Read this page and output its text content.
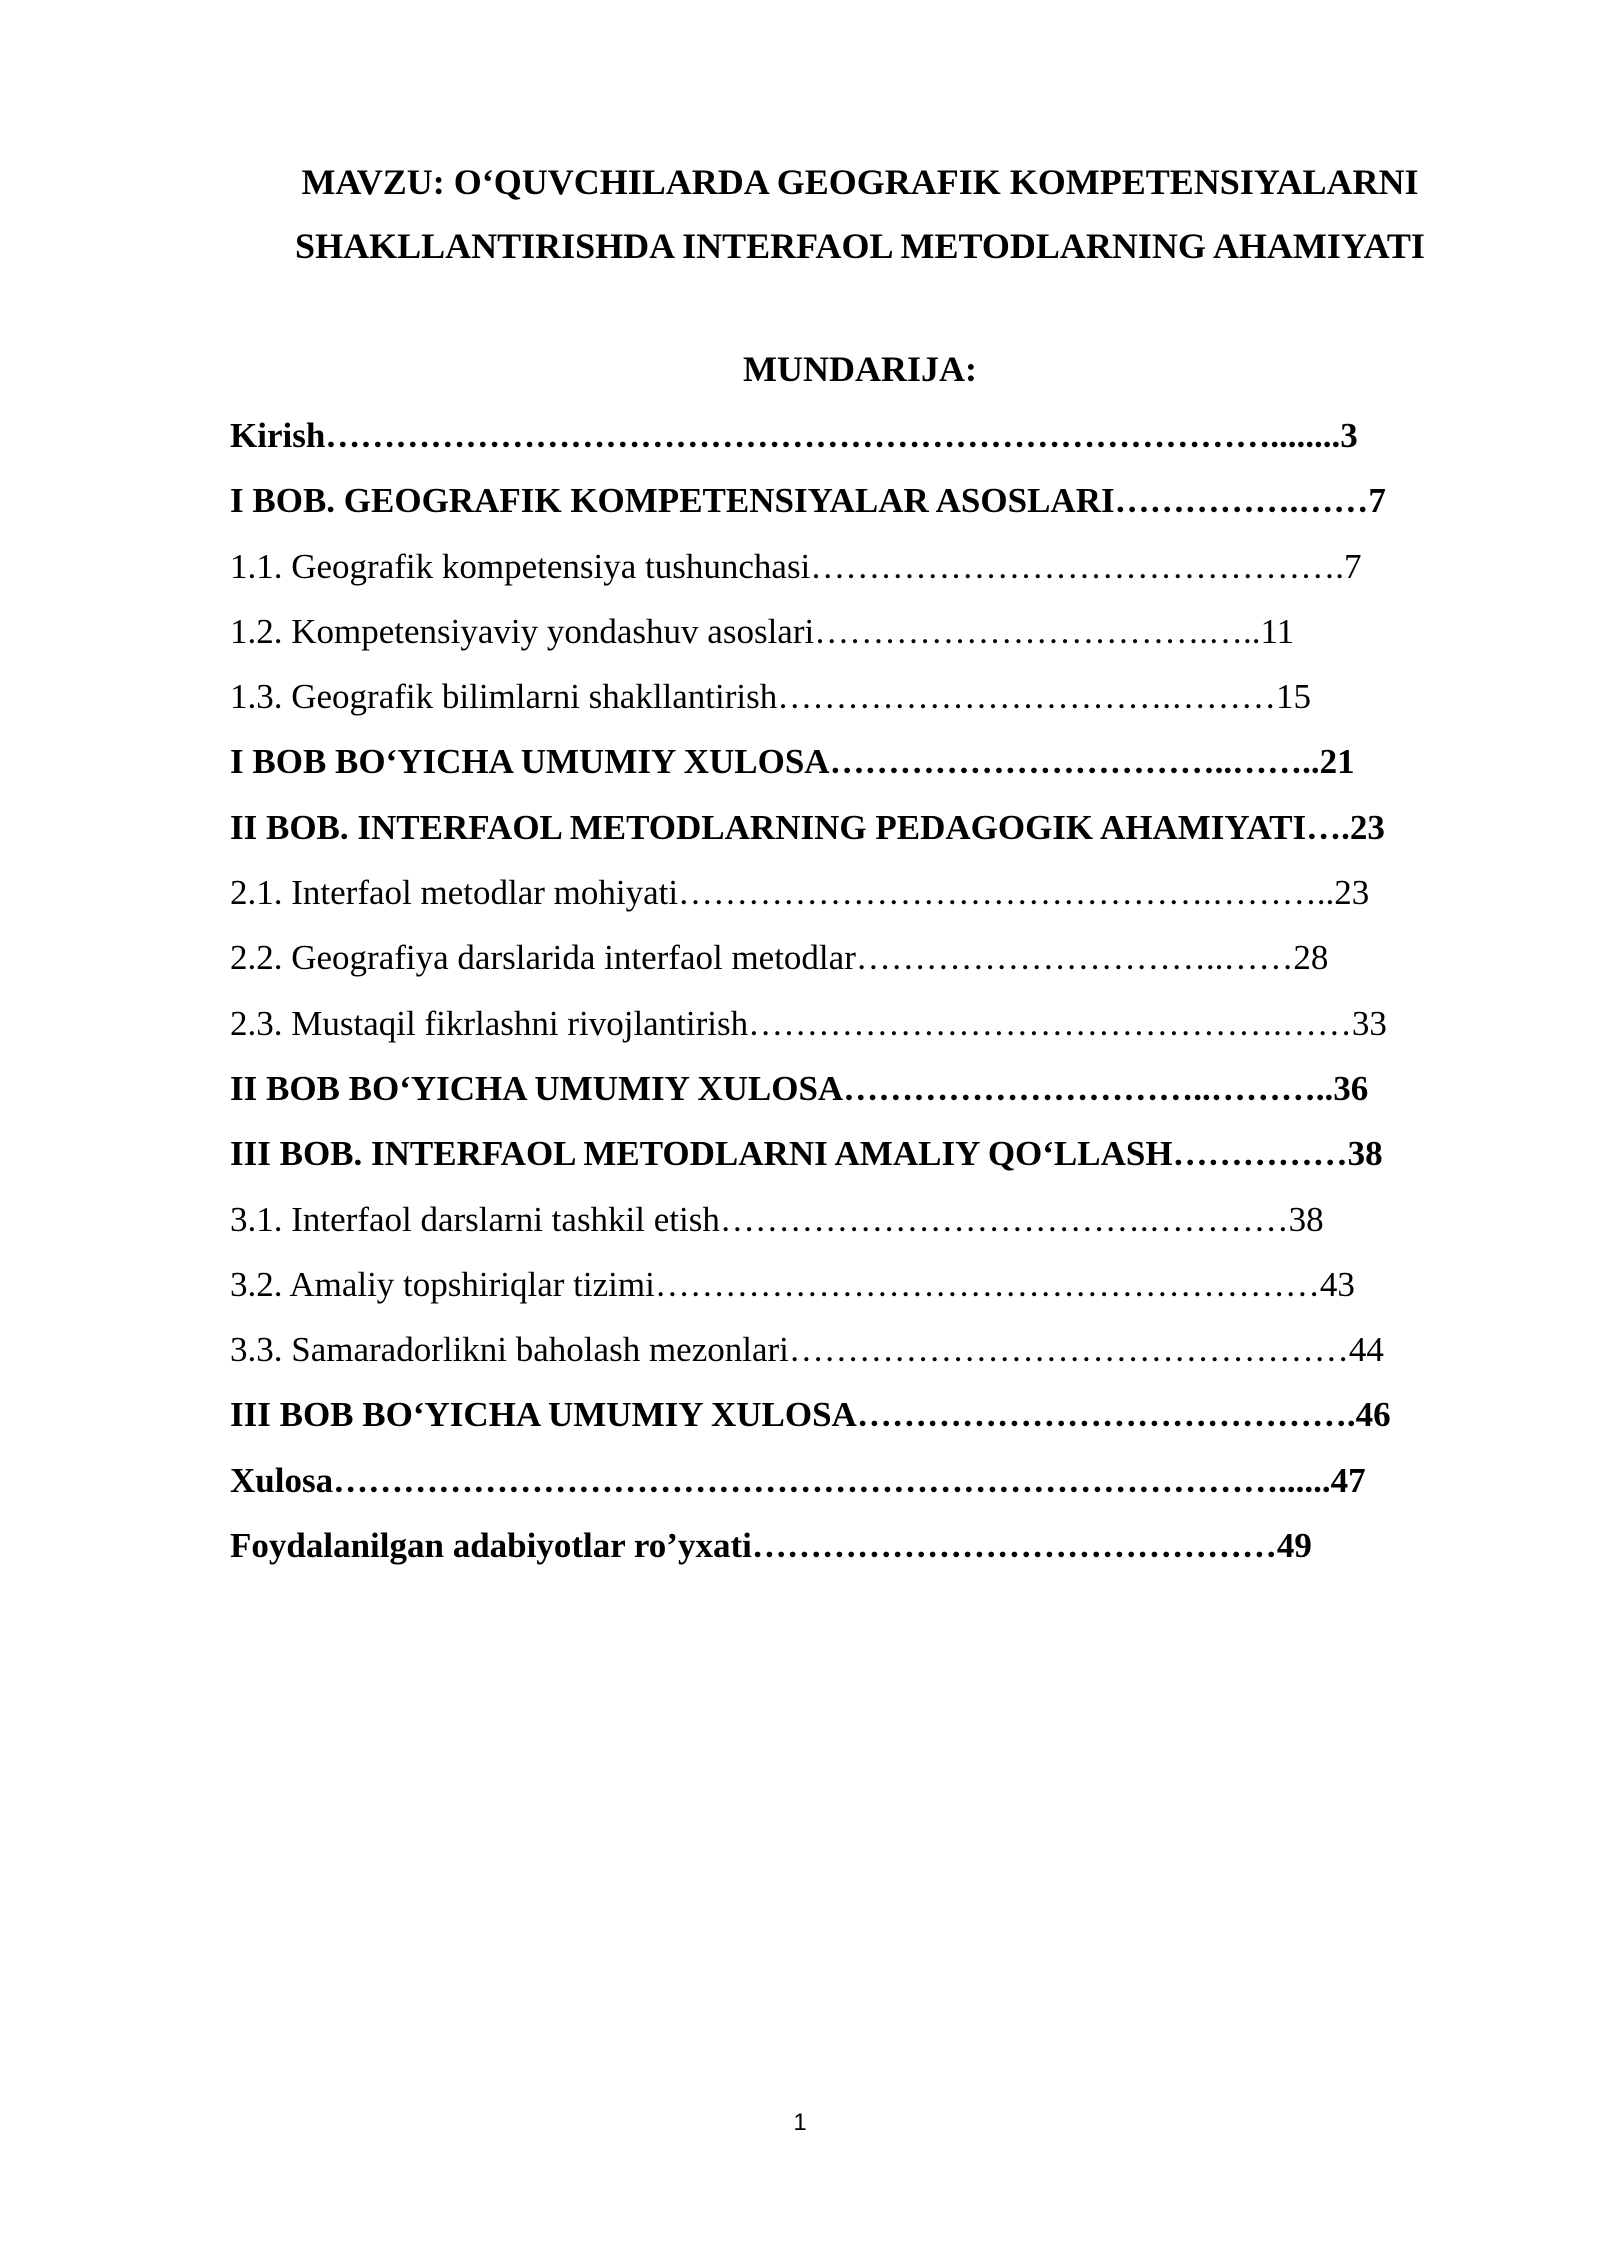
MAVZU: O‘QUVCHILARDA GEOGRAFIK KOMPETENSIYALARNI
SHAKLLANTIRISHDA INTERFAOL METODLARNING AHAMIYATI
MUNDARIJA:
Kirish………………………………………………………………………........3
I BOB. GEOGRAFIK KOMPETENSIYALAR ASOSLARI…………….……7
1.1. Geografik kompetensiya tushunchasi……………………………………….7
1.2. Kompetensiyaviy yondashuv asoslari…………………………….…..11
1.3. Geografik bilimlarni shakllantirish…………………………….………15
I BOB BO‘YICHA UMUMIY XULOSA……………………………..……..21
II BOB. INTERFAOL METODLARNING PEDAGOGIK AHAMIYATI….23
2.1. Interfaol metodlar mohiyati……………………………………….………..23
2.2. Geografiya darslarida interfaol metodlar…………………………..……28
2.3. Mustaqil fikrlashni rivojlantirish……………………………………….……33
II BOB BO‘YICHA UMUMIY XULOSA…………………………..………..36
III BOB. INTERFAOL METODLARNI AMALIY QO‘LLASH……………38
3.1. Interfaol darslarni tashkil etish……………………………….…………38
3.2. Amaliy topshiriqlar tizimi…………………………………………………43
3.3. Samaradorlikni baholash mezonlari…………………………………………44
III BOB BO‘YICHA UMUMIY XULOSA…………………………………….46
Xulosa………………………………………………………………………......47
Foydalanilgan adabiyotlar ro’yxati………………………………………49
1
